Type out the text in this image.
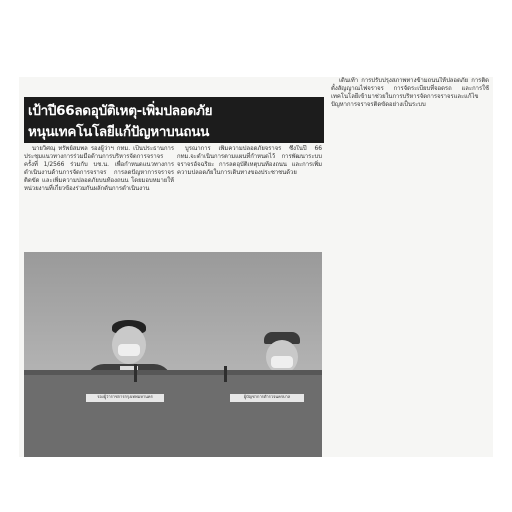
เป้าปี66ลดอุบัติเหตุ-เพิ่มปลอดภัย
หนุนเทคโนโลยีแก้ปัญหาบนถนน

นายวิศณุ ทรัพย์สมพล รองผู้ว่าฯ กทม. เป็นประธานการประชุมแนวทางการร่วมมือด้านการบริหารจัดการจราจร ครั้งที่ 1/2566 ร่วมกับ บช.น. เพื่อกำหนดแนวทางการดำเนินงานด้านการจัดการจราจร การลดปัญหาการจราจรติดขัด และเพิ่มความปลอดภัยบนท้องถนน โดยมอบหมายให้หน่วยงานที่เกี่ยวข้องร่วมกันผลักดันการดำเนินงาน

บูรณาการ เพิ่มความปลอดภัยจราจร ซึ่งในปี 66 กทม.จะดำเนินการตามแผนที่กำหนดไว้ การพัฒนาระบบจราจรอัจฉริยะ การลดอุบัติเหตุบนท้องถนน และการเพิ่มความปลอดภัยในการเดินทางของประชาชนด้วย

เดินเท้า การปรับปรุงสภาพทางข้ามถนนให้ปลอดภัย การติดตั้งสัญญาณไฟจราจร การจัดระเบียบที่จอดรถ และการใช้เทคโนโลยีเข้ามาช่วยในการบริหารจัดการจราจรและแก้ไขปัญหาการจราจรติดขัดอย่างเป็นระบบ

รองผู้ว่าราชการกรุงเทพมหานคร	ผู้บัญชาการตำรวจนครบาล
